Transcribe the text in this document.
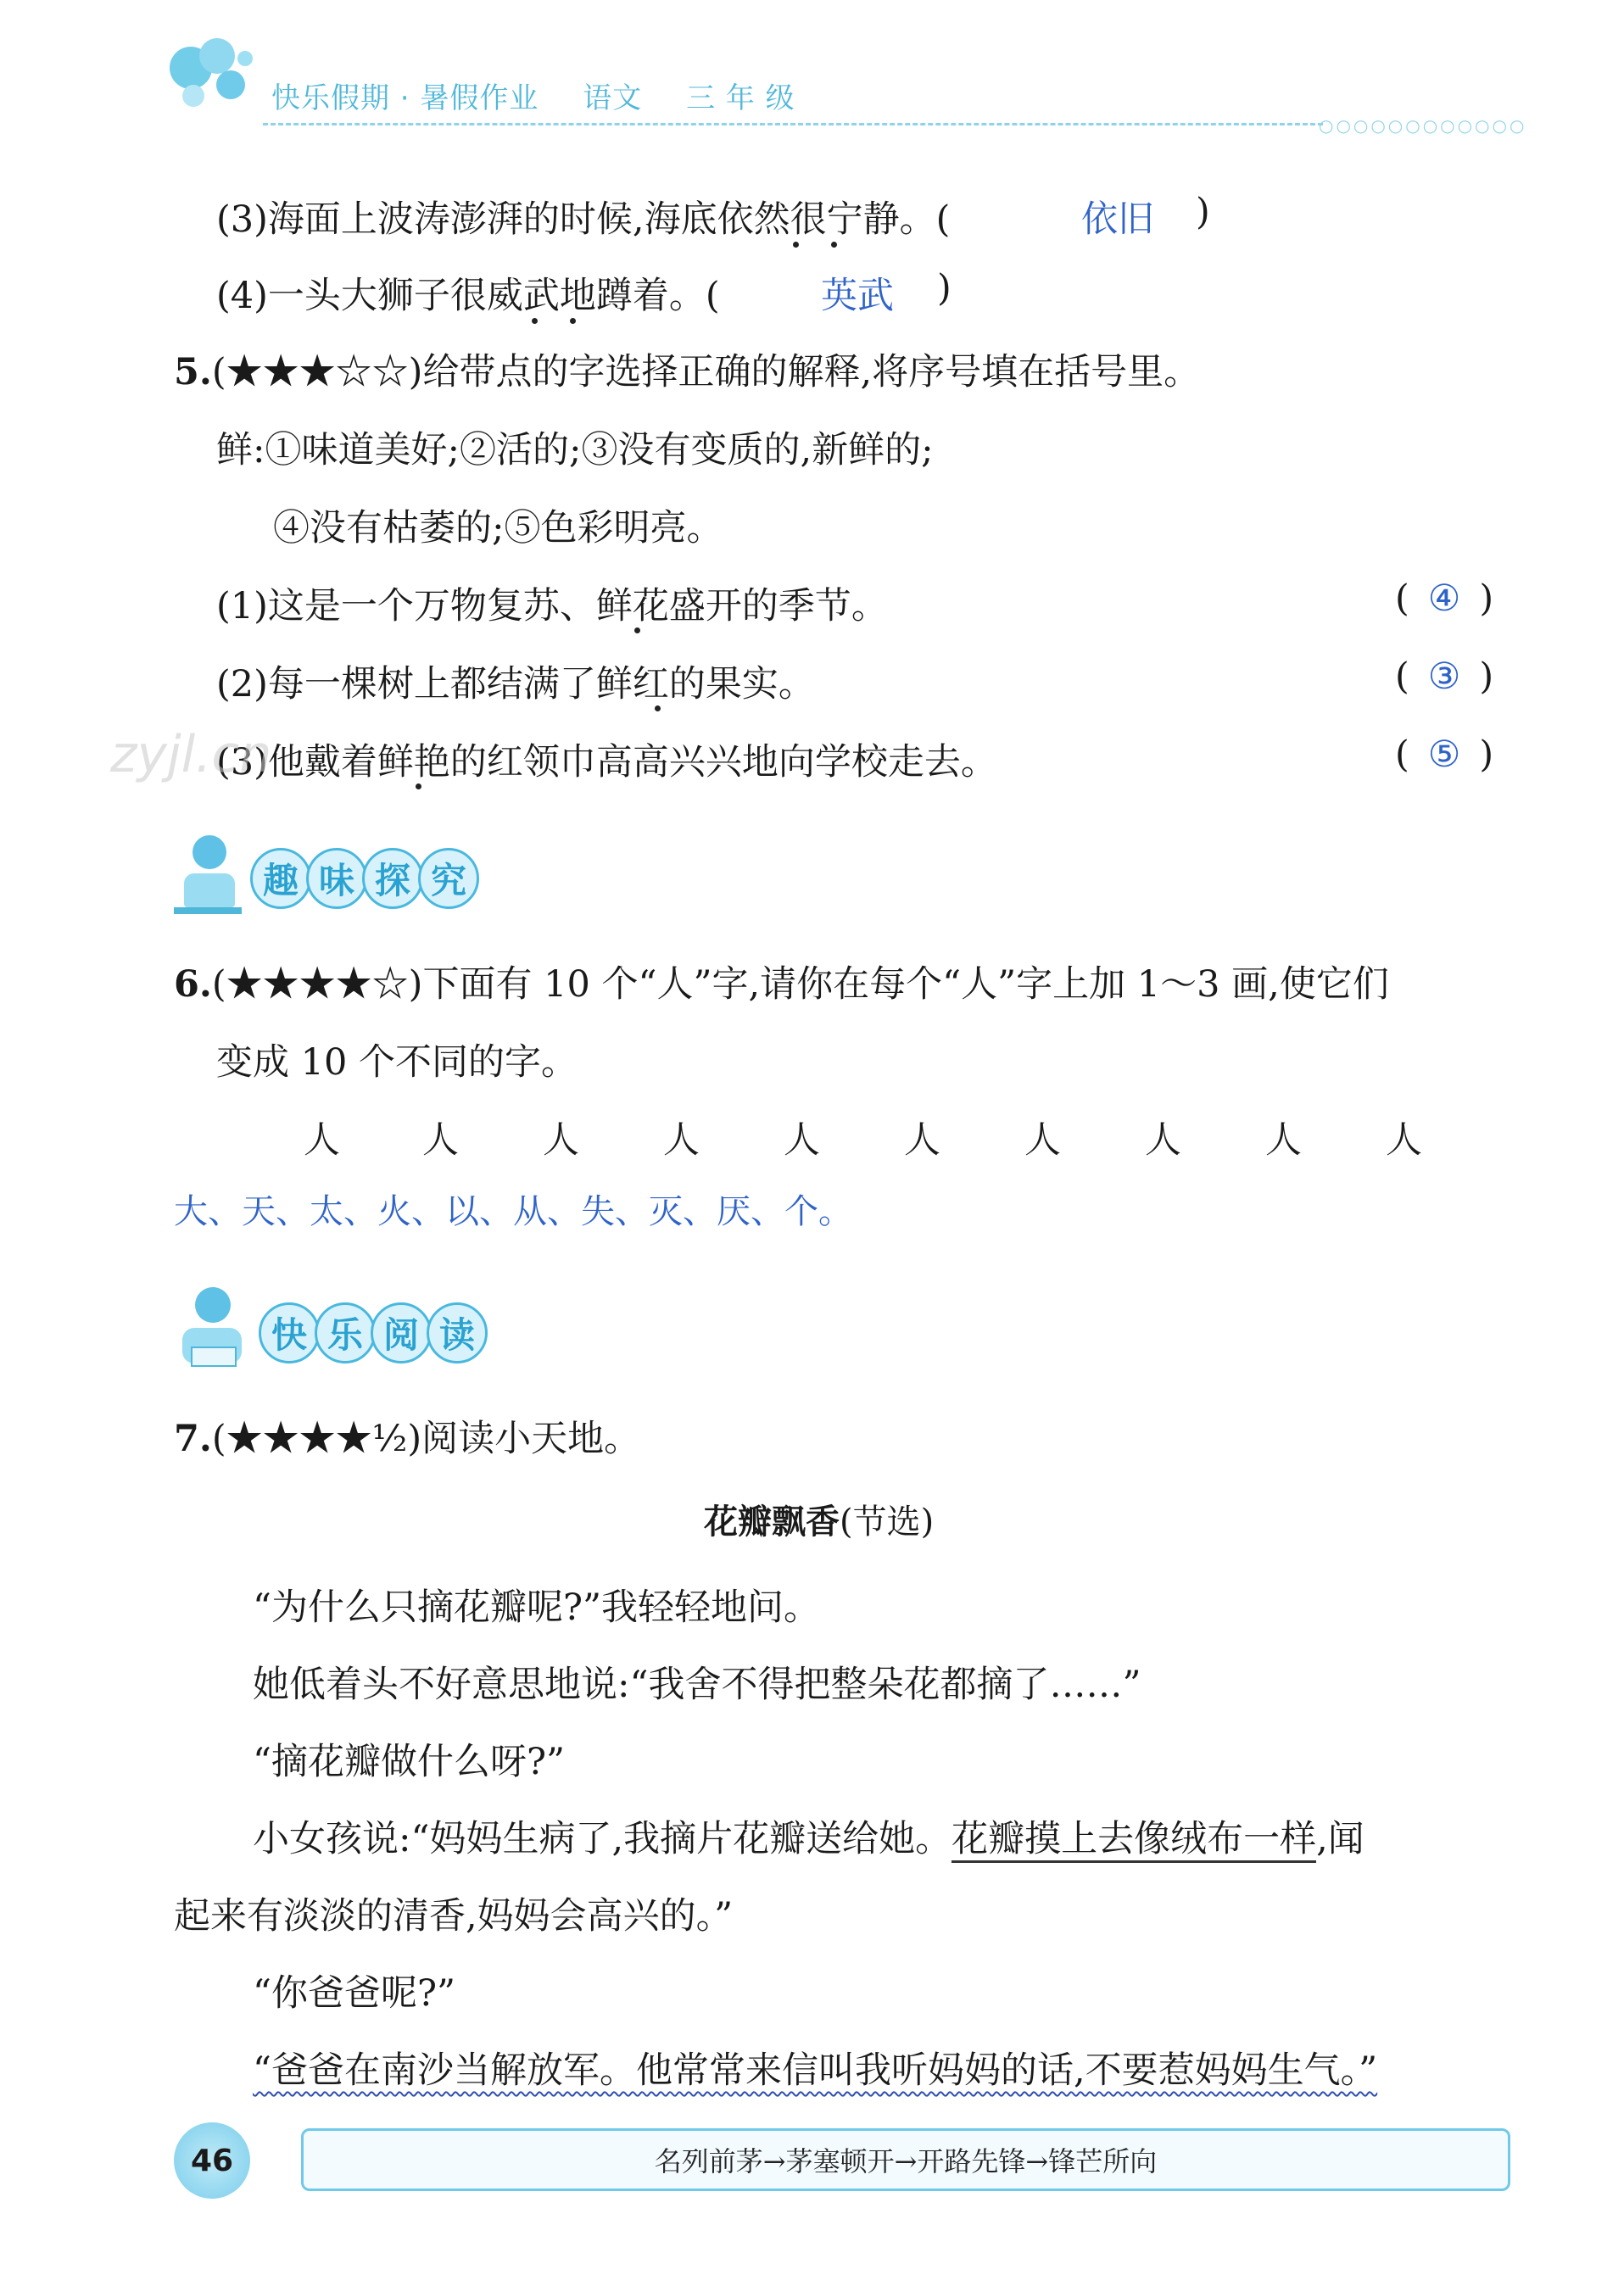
快乐假期 · 暑假作业 语文 三 年 级
○○○○○○○○○○○○
(3)海面上波涛澎湃的时候,海底依然很宁静。(	依旧 )
(4)一头大狮子很威武地蹲着。(	英武 )
5.(★★★☆☆)给带点的字选择正确的解释,将序号填在括号里。
鲜:①味道美好;②活的;③没有变质的,新鲜的;
④没有枯萎的;⑤色彩明亮。
(1)这是一个万物复苏、鲜花盛开的季节。	( ④ )
(2)每一棵树上都结满了鲜红的果实。	( ③ )
(3)他戴着鲜艳的红领巾高高兴兴地向学校走去。	( ⑤ )
zyjl.cn
趣 味 探 究
6.(★★★★☆)下面有 10 个“人”字,请你在每个“人”字上加 1～3 画,使它们
变成 10 个不同的字。
人 人 人 人 人 人 人 人 人 人
大、天、太、火、以、从、失、灭、厌、个。
快 乐 阅 读
7.(★★★★½)阅读小天地。
花瓣飘香(节选)
“为什么只摘花瓣呢?”我轻轻地问。
她低着头不好意思地说:“我舍不得把整朵花都摘了……”
“摘花瓣做什么呀?”
小女孩说:“妈妈生病了,我摘片花瓣送给她。花瓣摸上去像绒布一样,闻
起来有淡淡的清香,妈妈会高兴的。”
“你爸爸呢?”
“爸爸在南沙当解放军。他常常来信叫我听妈妈的话,不要惹妈妈生气。”
46	名列前茅→茅塞顿开→开路先锋→锋芒所向
